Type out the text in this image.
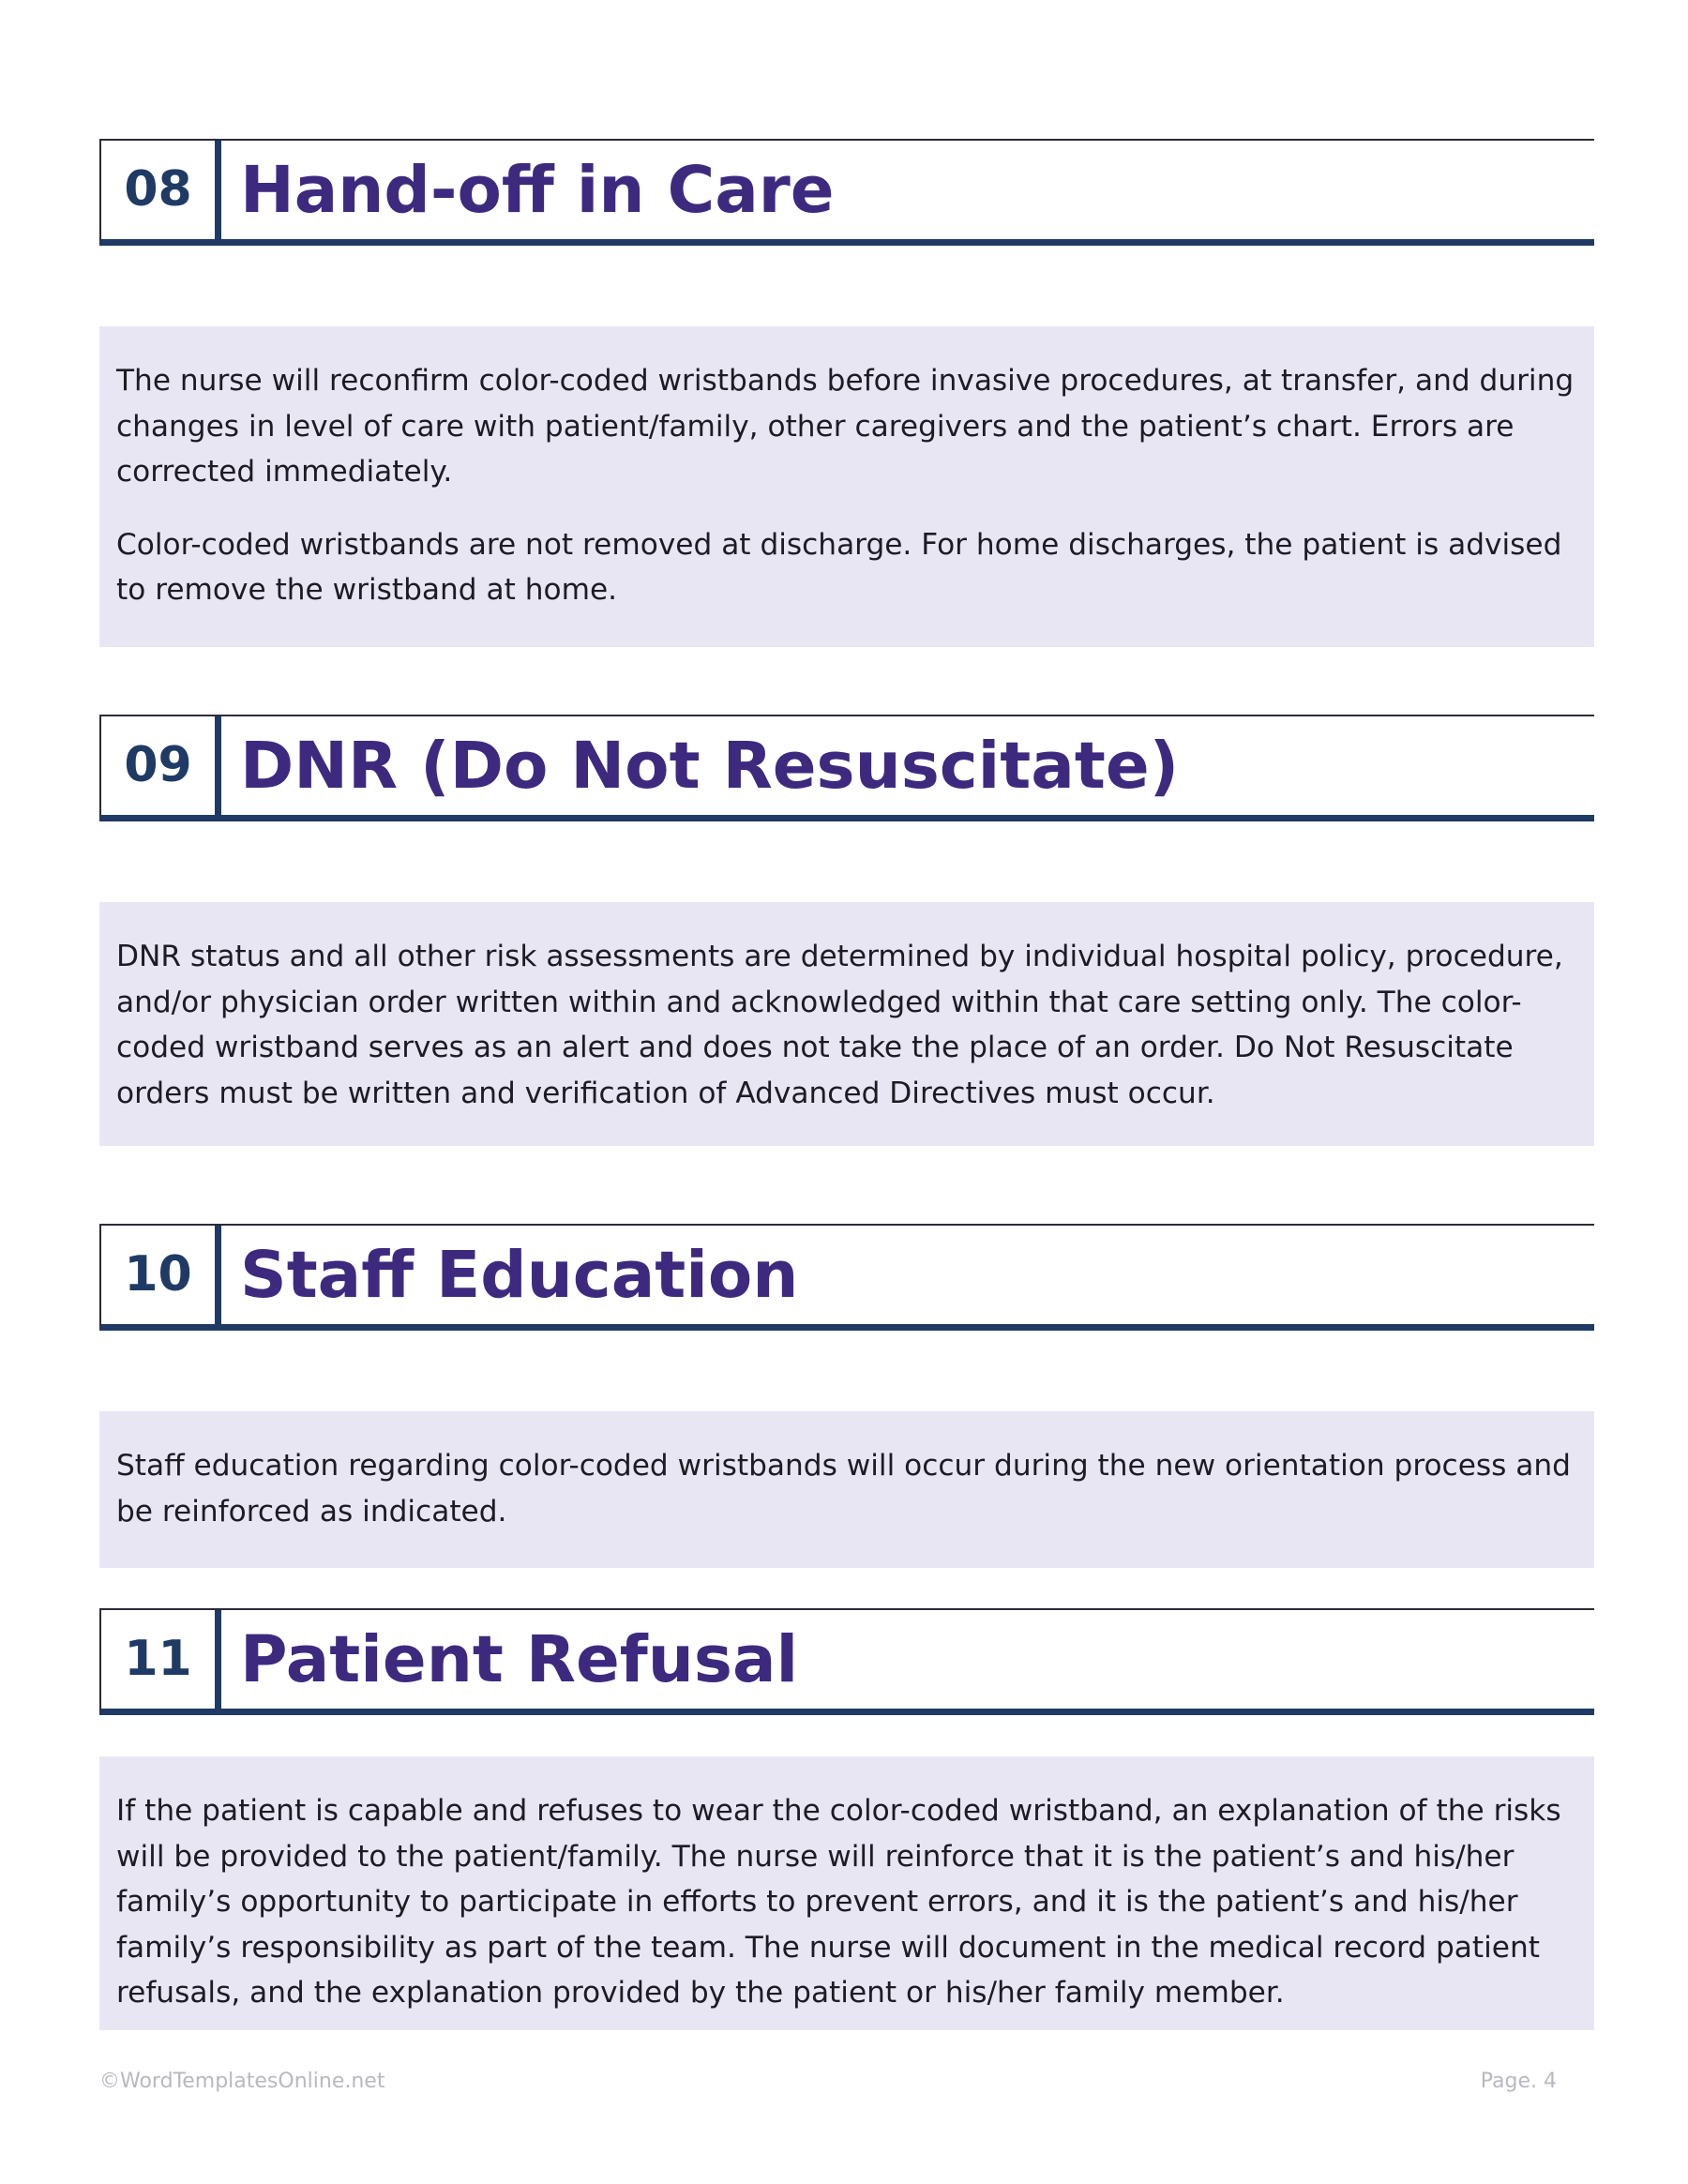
08 Hand-off in Care

The nurse will reconfirm color-coded wristbands before invasive procedures, at transfer, and during changes in level of care with patient/family, other caregivers and the patient’s chart. Errors are corrected immediately.

Color-coded wristbands are not removed at discharge. For home discharges, the patient is advised to remove the wristband at home.

09 DNR (Do Not Resuscitate)

DNR status and all other risk assessments are determined by individual hospital policy, procedure, and/or physician order written within and acknowledged within that care setting only. The color-coded wristband serves as an alert and does not take the place of an order. Do Not Resuscitate orders must be written and verification of Advanced Directives must occur.

10 Staff Education

Staff education regarding color-coded wristbands will occur during the new orientation process and be reinforced as indicated.

11 Patient Refusal

If the patient is capable and refuses to wear the color-coded wristband, an explanation of the risks will be provided to the patient/family. The nurse will reinforce that it is the patient’s and his/her family’s opportunity to participate in efforts to prevent errors, and it is the patient’s and his/her family’s responsibility as part of the team. The nurse will document in the medical record patient refusals, and the explanation provided by the patient or his/her family member.

©WordTemplatesOnline.net	Page. 4
